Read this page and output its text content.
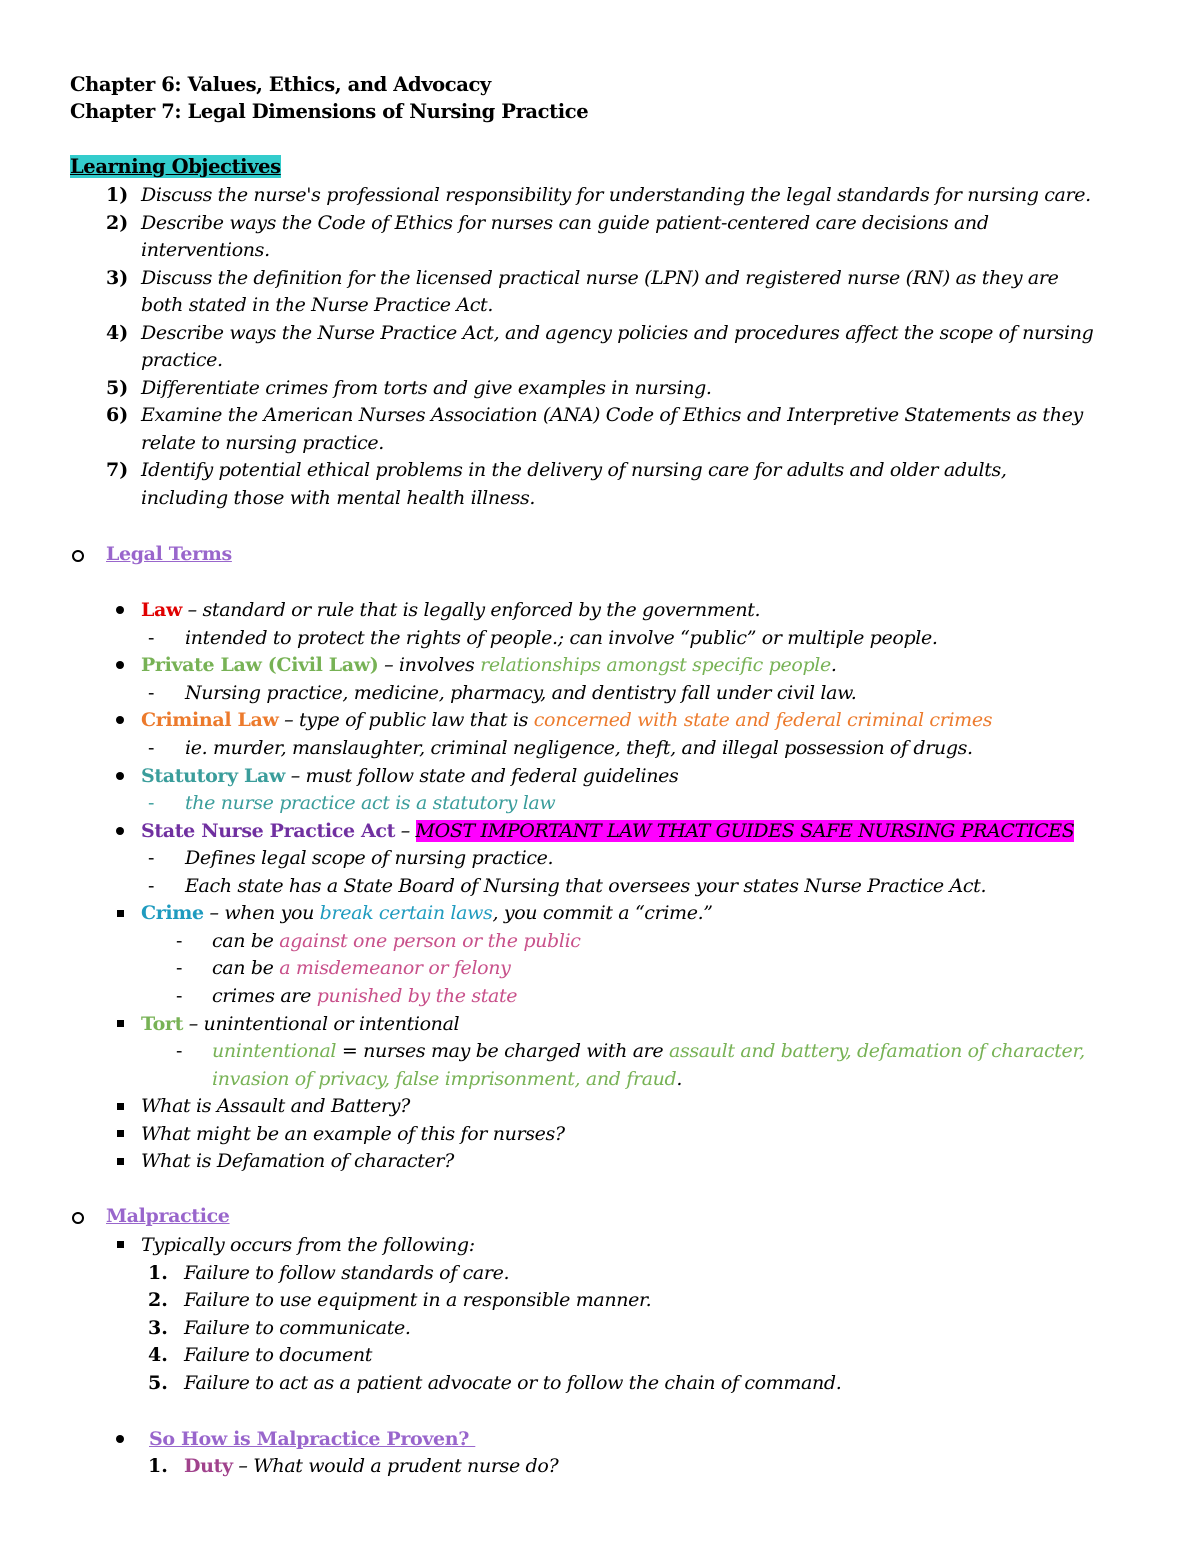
Chapter 6: Values, Ethics, and Advocacy
Chapter 7: Legal Dimensions of Nursing Practice
Learning Objectives
1) Discuss the nurse's professional responsibility for understanding the legal standards for nursing care.
2) Describe ways the Code of Ethics for nurses can guide patient-centered care decisions and
interventions.
3) Discuss the definition for the licensed practical nurse (LPN) and registered nurse (RN) as they are
both stated in the Nurse Practice Act.
4) Describe ways the Nurse Practice Act, and agency policies and procedures affect the scope of nursing
practice.
5) Differentiate crimes from torts and give examples in nursing.
6) Examine the American Nurses Association (ANA) Code of Ethics and Interpretive Statements as they
relate to nursing practice.
7) Identify potential ethical problems in the delivery of nursing care for adults and older adults,
including those with mental health illness.
Legal Terms
Law – standard or rule that is legally enforced by the government.
- intended to protect the rights of people.; can involve “public” or multiple people.
Private Law (Civil Law) – involves relationships amongst specific people.
- Nursing practice, medicine, pharmacy, and dentistry fall under civil law.
Criminal Law – type of public law that is concerned with state and federal criminal crimes
- ie. murder, manslaughter, criminal negligence, theft, and illegal possession of drugs.
Statutory Law – must follow state and federal guidelines
- the nurse practice act is a statutory law
State Nurse Practice Act – MOST IMPORTANT LAW THAT GUIDES SAFE NURSING PRACTICES
- Defines legal scope of nursing practice.
- Each state has a State Board of Nursing that oversees your states Nurse Practice Act.
Crime – when you break certain laws, you commit a “crime.”
- can be against one person or the public
- can be a misdemeanor or felony
- crimes are punished by the state
Tort – unintentional or intentional
- unintentional = nurses may be charged with are assault and battery, defamation of character,
invasion of privacy, false imprisonment, and fraud.
What is Assault and Battery?
What might be an example of this for nurses?
What is Defamation of character?
Malpractice
Typically occurs from the following:
1. Failure to follow standards of care.
2. Failure to use equipment in a responsible manner.
3. Failure to communicate.
4. Failure to document
5. Failure to act as a patient advocate or to follow the chain of command.
So How is Malpractice Proven?
1. Duty – What would a prudent nurse do?
